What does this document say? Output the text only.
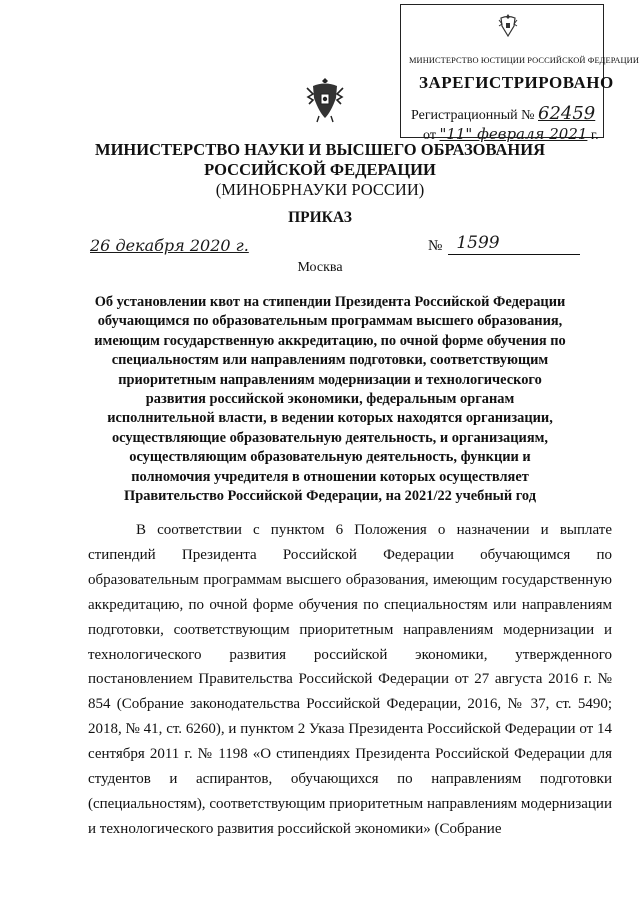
МИНИСТЕРСТВО ЮСТИЦИИ РОССИЙСКОЙ ФЕДЕРАЦИИ
ЗАРЕГИСТРИРОВАНО
Регистрационный № 62459
от "11" февраля 2021 г.
МИНИСТЕРСТВО НАУКИ И ВЫСШЕГО ОБРАЗОВАНИЯ
РОССИЙСКОЙ ФЕДЕРАЦИИ
(МИНОБРНАУКИ РОССИИ)
ПРИКАЗ
26 декабря 2020 г.
Москва
№ 1599
Об установлении квот на стипендии Президента Российской Федерации обучающимся по образовательным программам высшего образования, имеющим государственную аккредитацию, по очной форме обучения по специальностям или направлениям подготовки, соответствующим приоритетным направлениям модернизации и технологического развития российской экономики, федеральным органам исполнительной власти, в ведении которых находятся организации, осуществляющие образовательную деятельность, и организациям, осуществляющим образовательную деятельность, функции и полномочия учредителя в отношении которых осуществляет Правительство Российской Федерации, на 2021/22 учебный год
В соответствии с пунктом 6 Положения о назначении и выплате стипендий Президента Российской Федерации обучающимся по образовательным программам высшего образования, имеющим государственную аккредитацию, по очной форме обучения по специальностям или направлениям подготовки, соответствующим приоритетным направлениям модернизации и технологического развития российской экономики, утвержденного постановлением Правительства Российской Федерации от 27 августа 2016 г. № 854 (Собрание законодательства Российской Федерации, 2016, № 37, ст. 5490; 2018, № 41, ст. 6260), и пунктом 2 Указа Президента Российской Федерации от 14 сентября 2011 г. № 1198 «О стипендиях Президента Российской Федерации для студентов и аспирантов, обучающихся по направлениям подготовки (специальностям), соответствующим приоритетным направлениям модернизации и технологического развития российской экономики» (Собрание
